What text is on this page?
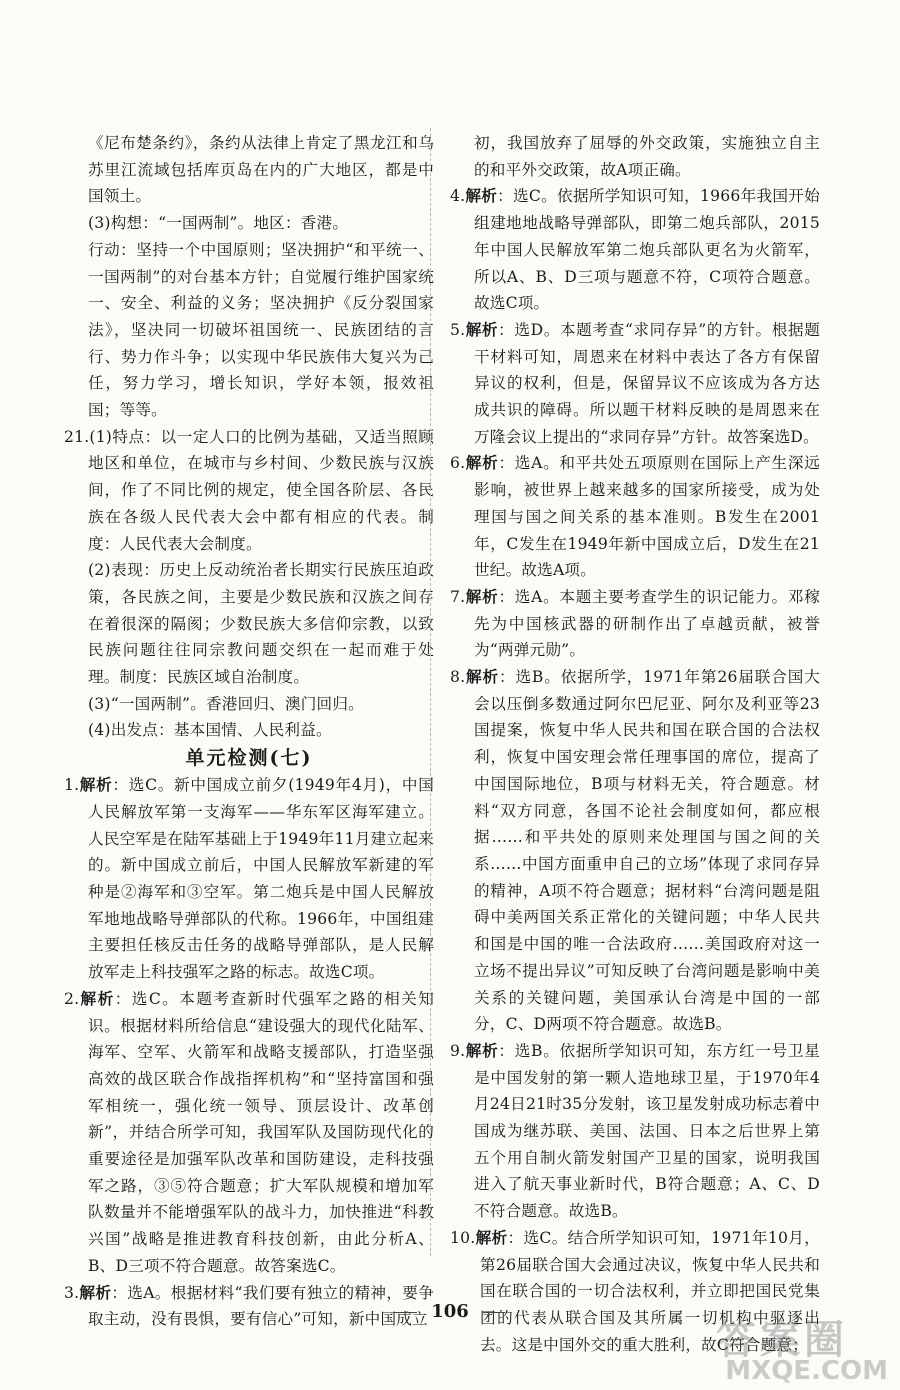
《尼布楚条约》，条约从法律上肯定了黑龙江和乌苏里江流域包括库页岛在内的广大地区，都是中国领土。

(3)构想：“一国两制”。地区：香港。

行动：坚持一个中国原则；坚决拥护“和平统一、一国两制”的对台基本方针；自觉履行维护国家统一、安全、利益的义务；坚决拥护《反分裂国家法》，坚决同一切破坏祖国统一、民族团结的言行、势力作斗争；以实现中华民族伟大复兴为己任，努力学习，增长知识，学好本领，报效祖国；等等。

21.(1)特点：以一定人口的比例为基础，又适当照顾地区和单位，在城市与乡村间、少数民族与汉族间，作了不同比例的规定，使全国各阶层、各民族在各级人民代表大会中都有相应的代表。制度：人民代表大会制度。

(2)表现：历史上反动统治者长期实行民族压迫政策，各民族之间，主要是少数民族和汉族之间存在着很深的隔阂；少数民族大多信仰宗教，以致民族问题往往同宗教问题交织在一起而难于处理。制度：民族区域自治制度。

(3)“一国两制”。香港回归、澳门回归。

(4)出发点：基本国情、人民利益。

单元检测(七)

1.解析：选C。新中国成立前夕(1949年4月)，中国人民解放军第一支海军——华东军区海军建立。人民空军是在陆军基础上于1949年11月建立起来的。新中国成立前后，中国人民解放军新建的军种是②海军和③空军。第二炮兵是中国人民解放军地地战略导弹部队的代称。1966年，中国组建主要担任核反击任务的战略导弹部队，是人民解放军走上科技强军之路的标志。故选C项。

2.解析：选C。本题考查新时代强军之路的相关知识。根据材料所给信息“建设强大的现代化陆军、海军、空军、火箭军和战略支援部队，打造坚强高效的战区联合作战指挥机构”和“坚持富国和强军相统一，强化统一领导、顶层设计、改革创新”，并结合所学可知，我国军队及国防现代化的重要途径是加强军队改革和国防建设，走科技强军之路，③⑤符合题意；扩大军队规模和增加军队数量并不能增强军队的战斗力，加快推进“科教兴国”战略是推进教育科技创新，由此分析A、B、D三项不符合题意。故答案选C。

3.解析：选A。根据材料“我们要有独立的精神，要争取主动，没有畏惧，要有信心”可知，新中国成立

初，我国放弃了屈辱的外交政策，实施独立自主的和平外交政策，故A项正确。

4.解析：选C。依据所学知识可知，1966年我国开始组建地地战略导弹部队，即第二炮兵部队，2015年中国人民解放军第二炮兵部队更名为火箭军，所以A、B、D三项与题意不符，C项符合题意。故选C项。

5.解析：选D。本题考查“求同存异”的方针。根据题干材料可知，周恩来在材料中表达了各方有保留异议的权利，但是，保留异议不应该成为各方达成共识的障碍。所以题干材料反映的是周恩来在万隆会议上提出的“求同存异”方针。故答案选D。

6.解析：选A。和平共处五项原则在国际上产生深远影响，被世界上越来越多的国家所接受，成为处理国与国之间关系的基本准则。B发生在2001年，C发生在1949年新中国成立后，D发生在21世纪。故选A项。

7.解析：选A。本题主要考查学生的识记能力。邓稼先为中国核武器的研制作出了卓越贡献，被誉为“两弹元勋”。

8.解析：选B。依据所学，1971年第26届联合国大会以压倒多数通过阿尔巴尼亚、阿尔及利亚等23国提案，恢复中华人民共和国在联合国的合法权利，恢复中国安理会常任理事国的席位，提高了中国国际地位，B项与材料无关，符合题意。材料“双方同意，各国不论社会制度如何，都应根据……和平共处的原则来处理国与国之间的关系……中国方面重申自己的立场”体现了求同存异的精神，A项不符合题意；据材料“台湾问题是阻碍中美两国关系正常化的关键问题；中华人民共和国是中国的唯一合法政府……美国政府对这一立场不提出异议”可知反映了台湾问题是影响中美关系的关键问题，美国承认台湾是中国的一部分，C、D两项不符合题意。故选B。

9.解析：选B。依据所学知识可知，东方红一号卫星是中国发射的第一颗人造地球卫星，于1970年4月24日21时35分发射，该卫星发射成功标志着中国成为继苏联、美国、法国、日本之后世界上第五个用自制火箭发射国产卫星的国家，说明我国进入了航天事业新时代，B符合题意；A、C、D不符合题意。故选B。

10.解析：选C。结合所学知识可知，1971年10月，第26届联合国大会通过决议，恢复中华人民共和国在联合国的一切合法权利，并立即把国民党集团的代表从联合国及其所属一切机构中驱逐出去。这是中国外交的重大胜利，故C符合题意；

106
答案圈
MXQE.COM
